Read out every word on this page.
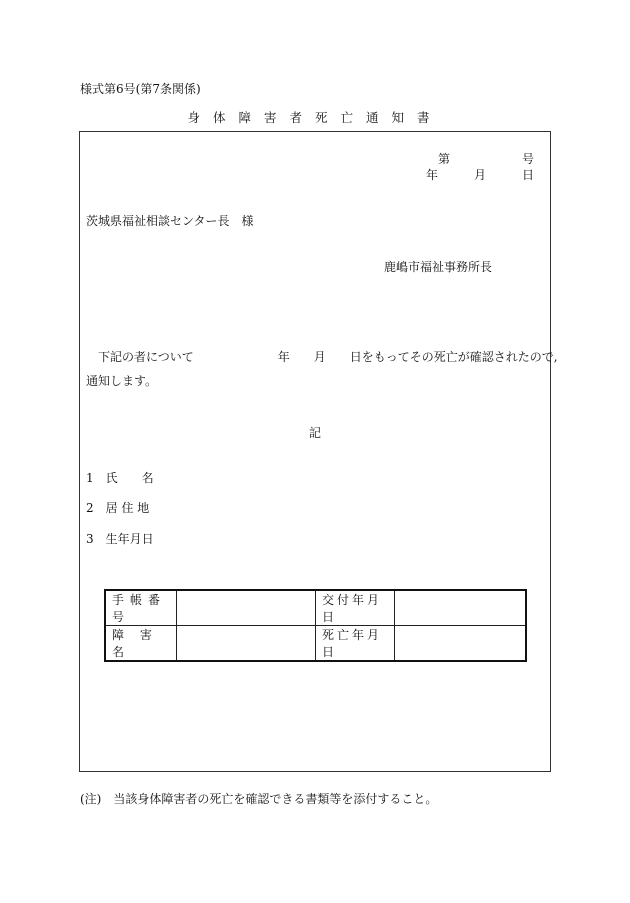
様式第6号(第7条関係)
身体障害者死亡通知書
第　　　　　　号
年　　　月　　　日
茨城県福祉相談センター長　様
鹿嶋市福祉事務所長
下記の者について　　　　　　　年　　月　　日をもってその死亡が確認されたので,
通知します。
記
1　氏　　名
2　居 住 地
3　生年月日
手帳番号		交付年月日	
障 害 名		死亡年月日	
(注)　当該身体障害者の死亡を確認できる書類等を添付すること。
